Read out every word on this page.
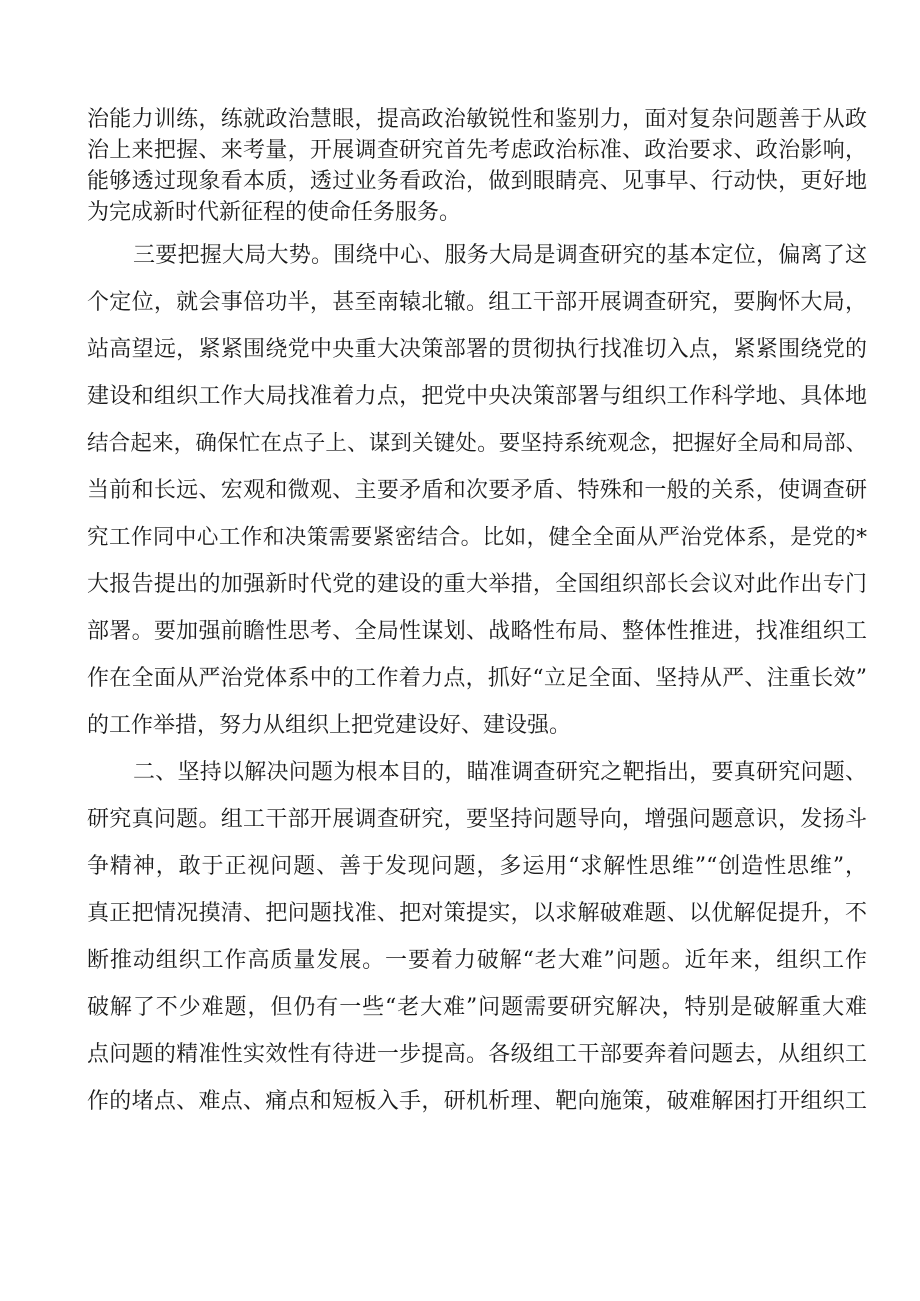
治能力训练，练就政治慧眼，提高政治敏锐性和鉴别力，面对复杂问题善于从政
治上来把握、来考量，开展调查研究首先考虑政治标准、政治要求、政治影响，
能够透过现象看本质，透过业务看政治，做到眼睛亮、见事早、行动快，更好地
为完成新时代新征程的使命任务服务。
三要把握大局大势。围绕中心、服务大局是调查研究的基本定位，偏离了这
个定位，就会事倍功半，甚至南辕北辙。组工干部开展调查研究，要胸怀大局，
站高望远，紧紧围绕党中央重大决策部署的贯彻执行找准切入点，紧紧围绕党的
建设和组织工作大局找准着力点，把党中央决策部署与组织工作科学地、具体地
结合起来，确保忙在点子上、谋到关键处。要坚持系统观念，把握好全局和局部、
当前和长远、宏观和微观、主要矛盾和次要矛盾、特殊和一般的关系，使调查研
究工作同中心工作和决策需要紧密结合。比如，健全全面从严治党体系，是党的*
大报告提出的加强新时代党的建设的重大举措，全国组织部长会议对此作出专门
部署。要加强前瞻性思考、全局性谋划、战略性布局、整体性推进，找准组织工
作在全面从严治党体系中的工作着力点，抓好“立足全面、坚持从严、注重长效”
的工作举措，努力从组织上把党建设好、建设强。
二、坚持以解决问题为根本目的，瞄准调查研究之靶指出，要真研究问题、
研究真问题。组工干部开展调查研究，要坚持问题导向，增强问题意识，发扬斗
争精神，敢于正视问题、善于发现问题，多运用“求解性思维”“创造性思维”，
真正把情况摸清、把问题找准、把对策提实，以求解破难题、以优解促提升，不
断推动组织工作高质量发展。一要着力破解“老大难”问题。近年来，组织工作
破解了不少难题，但仍有一些“老大难”问题需要研究解决，特别是破解重大难
点问题的精准性实效性有待进一步提高。各级组工干部要奔着问题去，从组织工
作的堵点、难点、痛点和短板入手，研机析理、靶向施策，破难解困打开组织工
